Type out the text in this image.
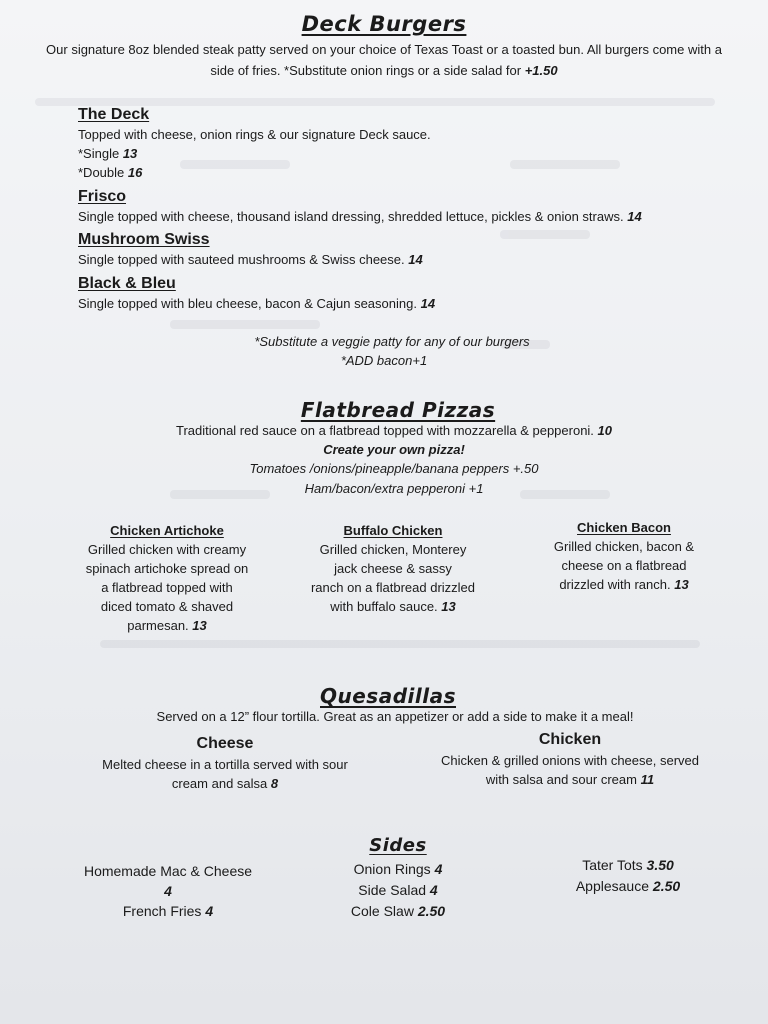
Deck Burgers
Our signature 8oz blended steak patty served on your choice of Texas Toast or a toasted bun. All burgers come with a
side of fries. *Substitute onion rings or a side salad for +1.50
The Deck
Topped with cheese, onion rings & our signature Deck sauce.
*Single 13
*Double 16
Frisco
Single topped with cheese, thousand island dressing, shredded lettuce, pickles & onion straws. 14
Mushroom Swiss
Single topped with sauteed mushrooms & Swiss cheese. 14
Black & Bleu
Single topped with bleu cheese, bacon & Cajun seasoning. 14
*Substitute a veggie patty for any of our burgers
*ADD bacon+1
Flatbread Pizzas
Traditional red sauce on a flatbread topped with mozzarella & pepperoni. 10
Create your own pizza!
Tomatoes /onions/pineapple/banana peppers +.50
Ham/bacon/extra pepperoni +1
Chicken Artichoke
Grilled chicken with creamy
spinach artichoke spread on
a flatbread topped with
diced tomato & shaved
parmesan. 13
Buffalo Chicken
Grilled chicken, Monterey
jack cheese & sassy
ranch on a flatbread drizzled
with buffalo sauce. 13
Chicken Bacon
Grilled chicken, bacon &
cheese on a flatbread
drizzled with ranch. 13
Quesadillas
Served on a 12” flour tortilla. Great as an appetizer or add a side to make it a meal!
Cheese
Melted cheese in a tortilla served with sour
cream and salsa 8
Chicken
Chicken & grilled onions with cheese, served
with salsa and sour cream 11
Sides
Homemade Mac & Cheese
4
French Fries 4
Onion Rings 4
Side Salad 4
Cole Slaw 2.50
Tater Tots 3.50
Applesauce 2.50
